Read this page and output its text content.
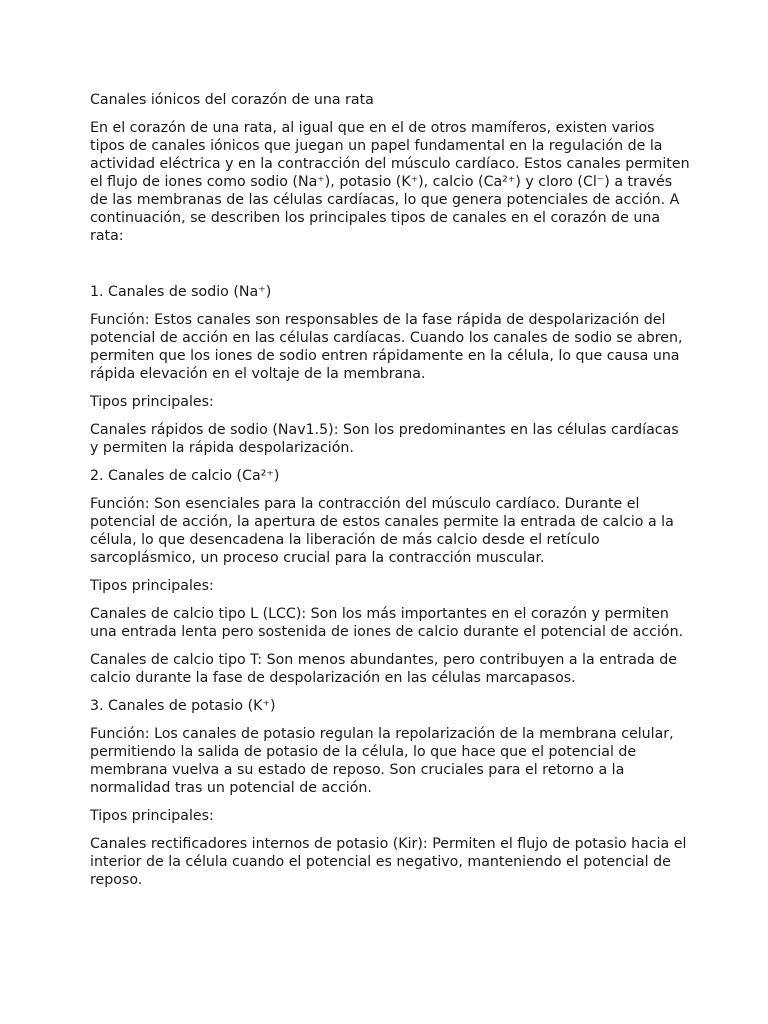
Canales iónicos del corazón de una rata

En el corazón de una rata, al igual que en el de otros mamíferos, existen varios tipos de canales iónicos que juegan un papel fundamental en la regulación de la actividad eléctrica y en la contracción del músculo cardíaco. Estos canales permiten el flujo de iones como sodio (Na⁺), potasio (K⁺), calcio (Ca²⁺) y cloro (Cl⁻) a través de las membranas de las células cardíacas, lo que genera potenciales de acción. A continuación, se describen los principales tipos de canales en el corazón de una rata:

1. Canales de sodio (Na⁺)

Función: Estos canales son responsables de la fase rápida de despolarización del potencial de acción en las células cardíacas. Cuando los canales de sodio se abren, permiten que los iones de sodio entren rápidamente en la célula, lo que causa una rápida elevación en el voltaje de la membrana.

Tipos principales:

Canales rápidos de sodio (Nav1.5): Son los predominantes en las células cardíacas y permiten la rápida despolarización.

2. Canales de calcio (Ca²⁺)

Función: Son esenciales para la contracción del músculo cardíaco. Durante el potencial de acción, la apertura de estos canales permite la entrada de calcio a la célula, lo que desencadena la liberación de más calcio desde el retículo sarcoplásmico, un proceso crucial para la contracción muscular.

Tipos principales:

Canales de calcio tipo L (LCC): Son los más importantes en el corazón y permiten una entrada lenta pero sostenida de iones de calcio durante el potencial de acción.

Canales de calcio tipo T: Son menos abundantes, pero contribuyen a la entrada de calcio durante la fase de despolarización en las células marcapasos.

3. Canales de potasio (K⁺)

Función: Los canales de potasio regulan la repolarización de la membrana celular, permitiendo la salida de potasio de la célula, lo que hace que el potencial de membrana vuelva a su estado de reposo. Son cruciales para el retorno a la normalidad tras un potencial de acción.

Tipos principales:

Canales rectificadores internos de potasio (Kir): Permiten el flujo de potasio hacia el interior de la célula cuando el potencial es negativo, manteniendo el potencial de reposo.
